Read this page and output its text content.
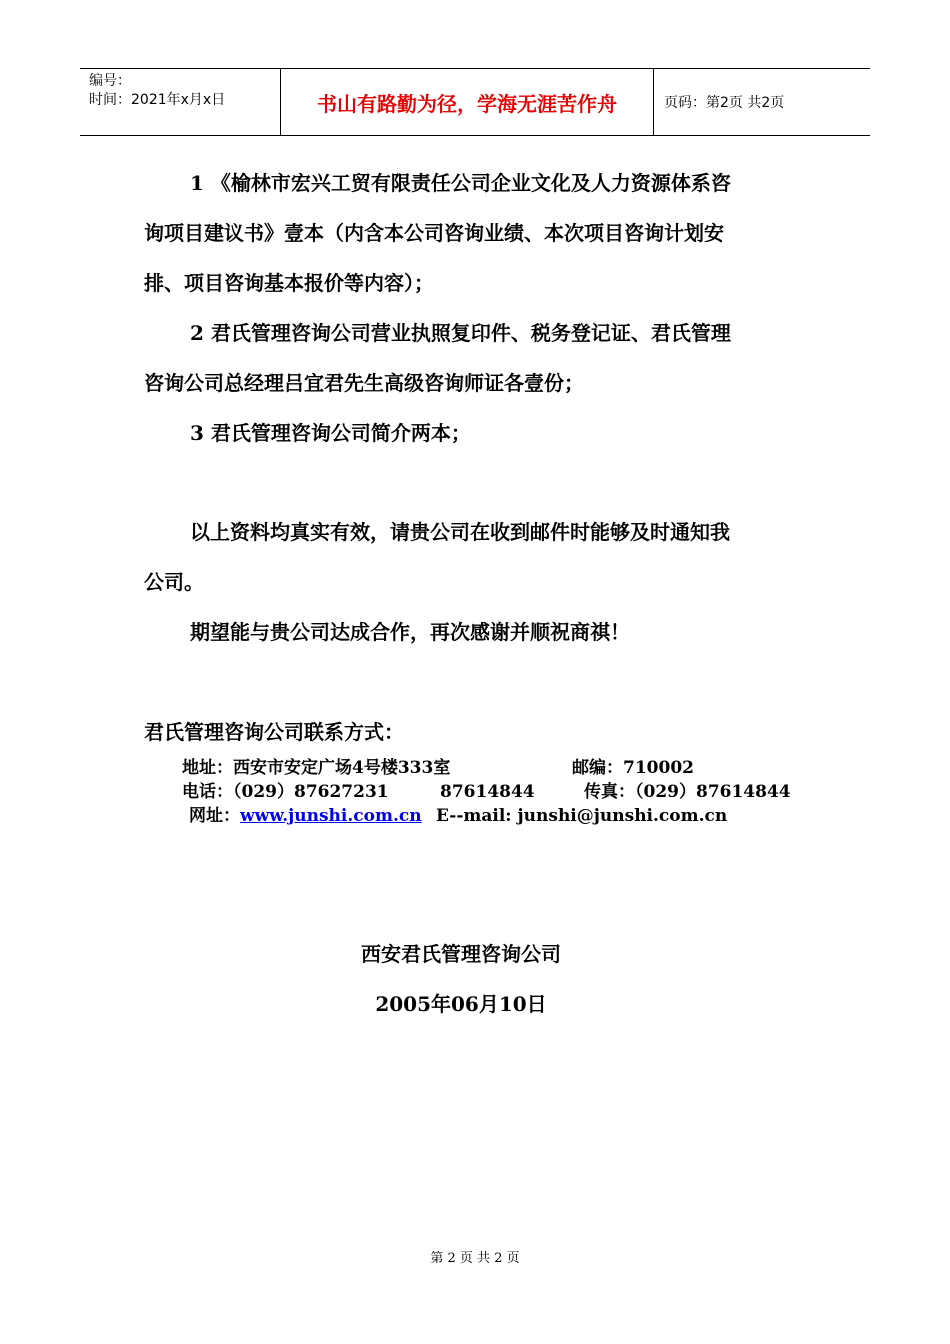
编号：
时间：2021年x月x日	书山有路勤为径，学海无涯苦作舟	页码：第2页 共2页

1 《榆林市宏兴工贸有限责任公司企业文化及人力资源体系咨

询项目建议书》壹本（内含本公司咨询业绩、本次项目咨询计划安

排、项目咨询基本报价等内容）；

2 君氏管理咨询公司营业执照复印件、税务登记证、君氏管理

咨询公司总经理吕宜君先生高级咨询师证各壹份；

3 君氏管理咨询公司简介两本；

以上资料均真实有效，请贵公司在收到邮件时能够及时通知我

公司。

期望能与贵公司达成合作，再次感谢并顺祝商祺！

君氏管理咨询公司联系方式：

地址：西安市安定广场4号楼333室	邮编：710002
电话：（029）87627231	87614844	传真：（029）87614844
网址： www.junshi.com.cn E--mail: junshi@junshi.com.cn
西安君氏管理咨询公司
2005年06月10日
第 2 页 共 2 页
